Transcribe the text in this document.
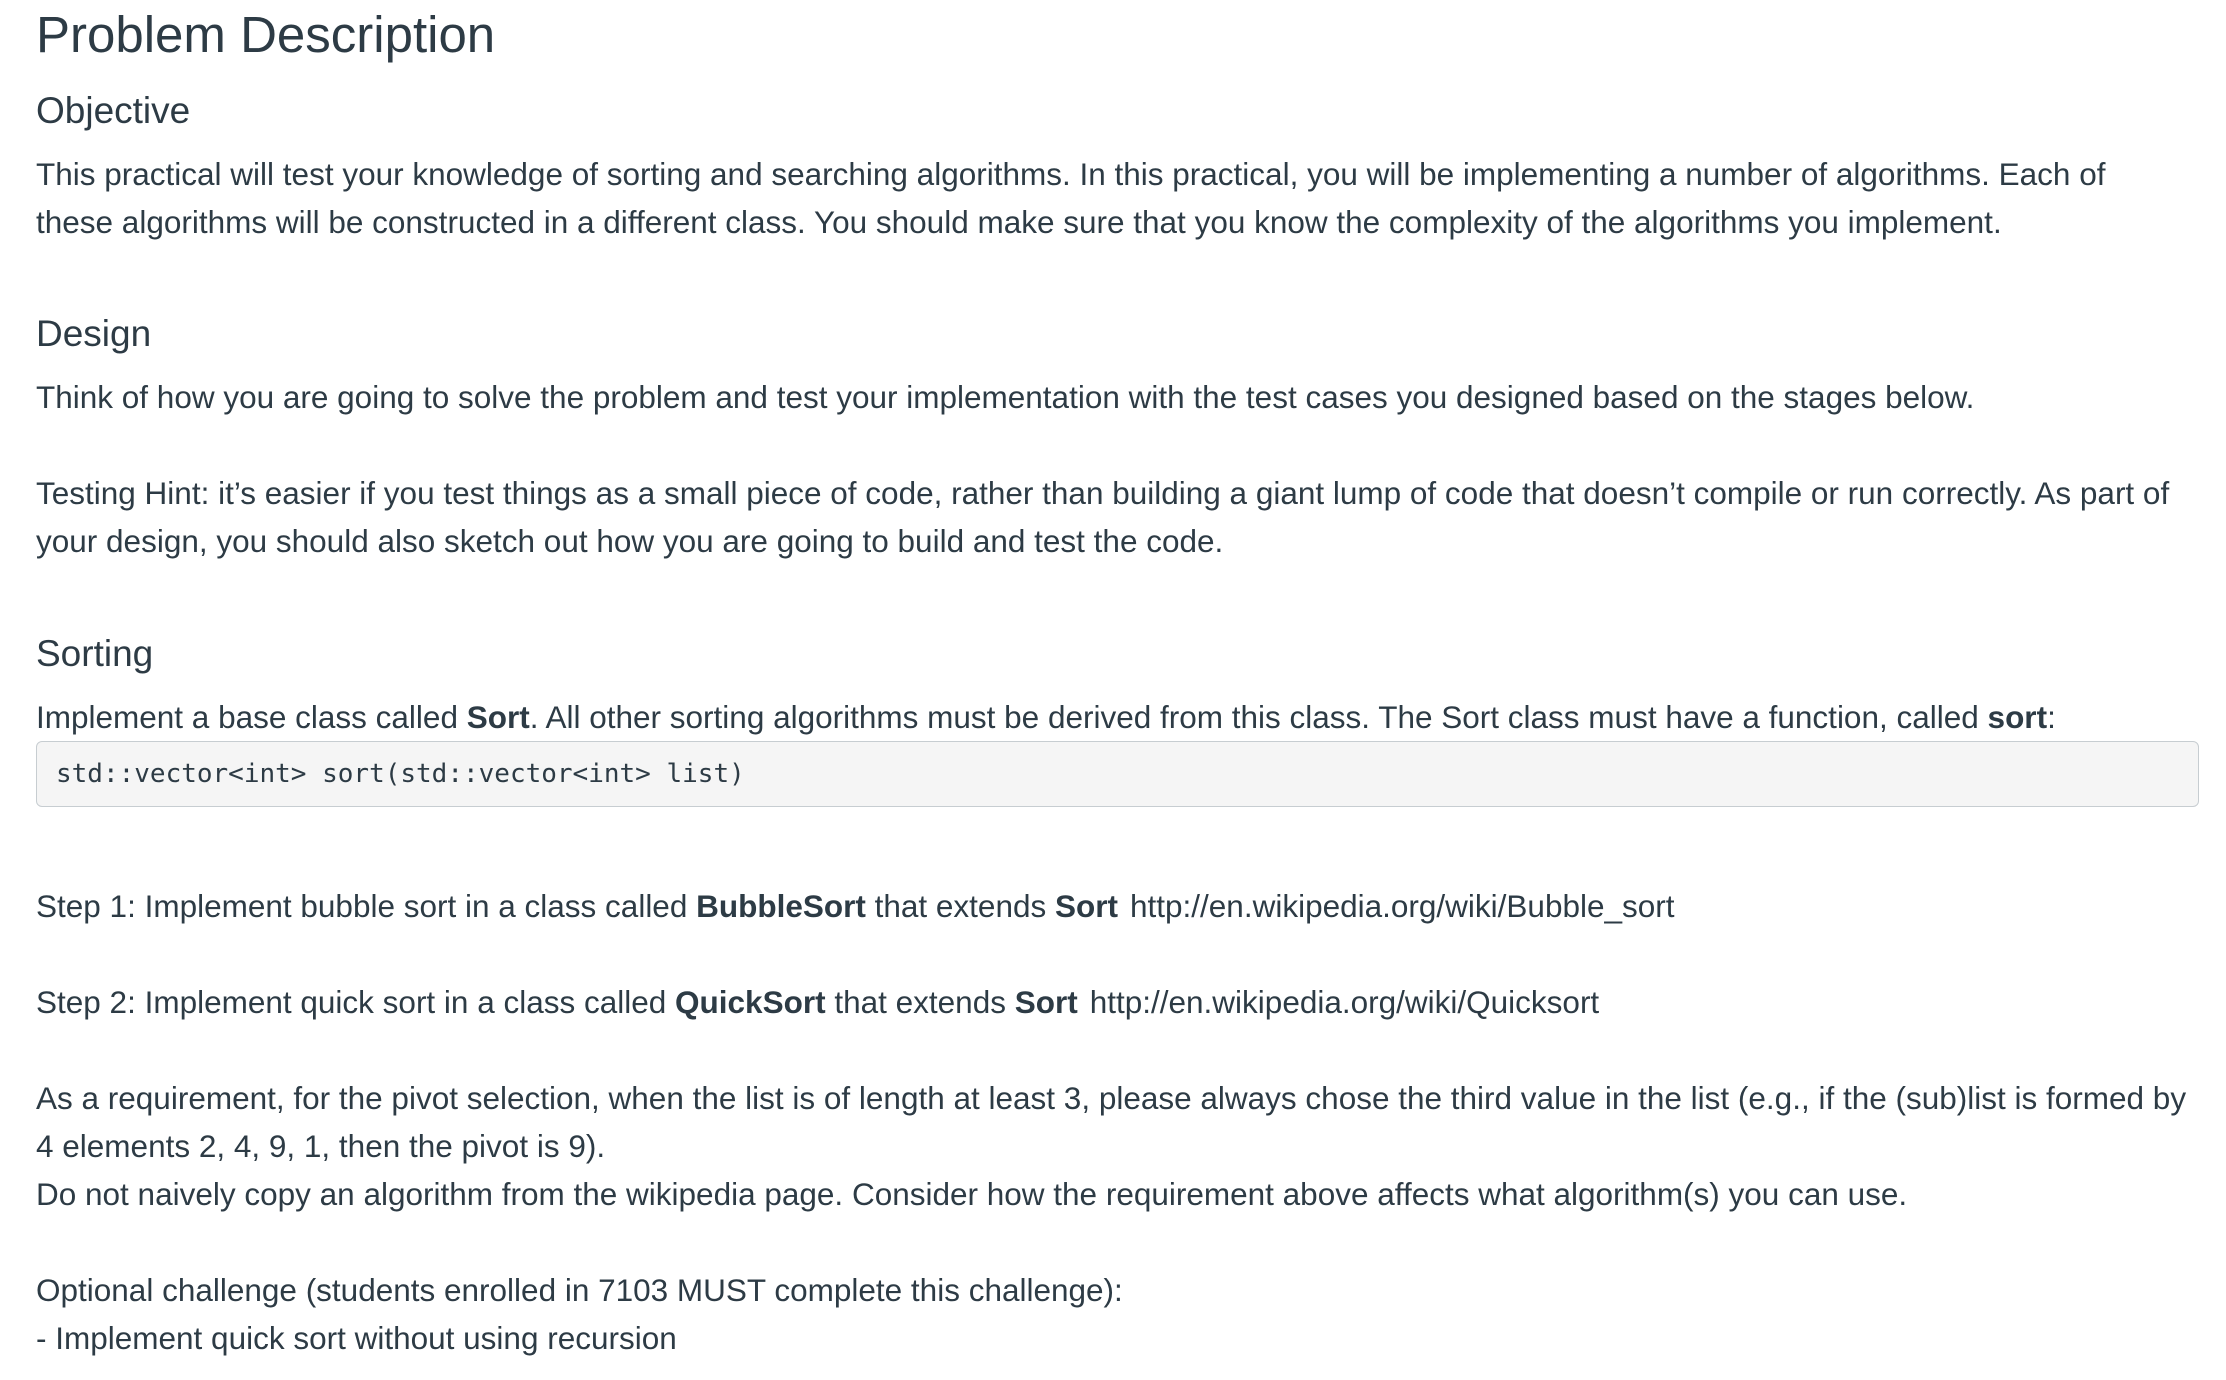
Problem Description
Objective

This practical will test your knowledge of sorting and searching algorithms. In this practical, you will be implementing a number of algorithms. Each of

these algorithms will be constructed in a different class. You should make sure that you know the complexity of the algorithms you implement.

Design

Think of how you are going to solve the problem and test your implementation with the test cases you designed based on the stages below.

Testing Hint: it’s easier if you test things as a small piece of code, rather than building a giant lump of code that doesn’t compile or run correctly. As part of

your design, you should also sketch out how you are going to build and test the code.

Sorting

Implement a base class called Sort. All other sorting algorithms must be derived from this class. The Sort class must have a function, called sort:

std::vector<int> sort(std::vector<int> list)

Step 1: Implement bubble sort in a class called BubbleSort that extends Sort http://en.wikipedia.org/wiki/Bubble_sort

Step 2: Implement quick sort in a class called QuickSort that extends Sort http://en.wikipedia.org/wiki/Quicksort

As a requirement, for the pivot selection, when the list is of length at least 3, please always chose the third value in the list (e.g., if the (sub)list is formed by

4 elements 2, 4, 9, 1, then the pivot is 9).

Do not naively copy an algorithm from the wikipedia page. Consider how the requirement above affects what algorithm(s) you can use.

Optional challenge (students enrolled in 7103 MUST complete this challenge):

- Implement quick sort without using recursion
